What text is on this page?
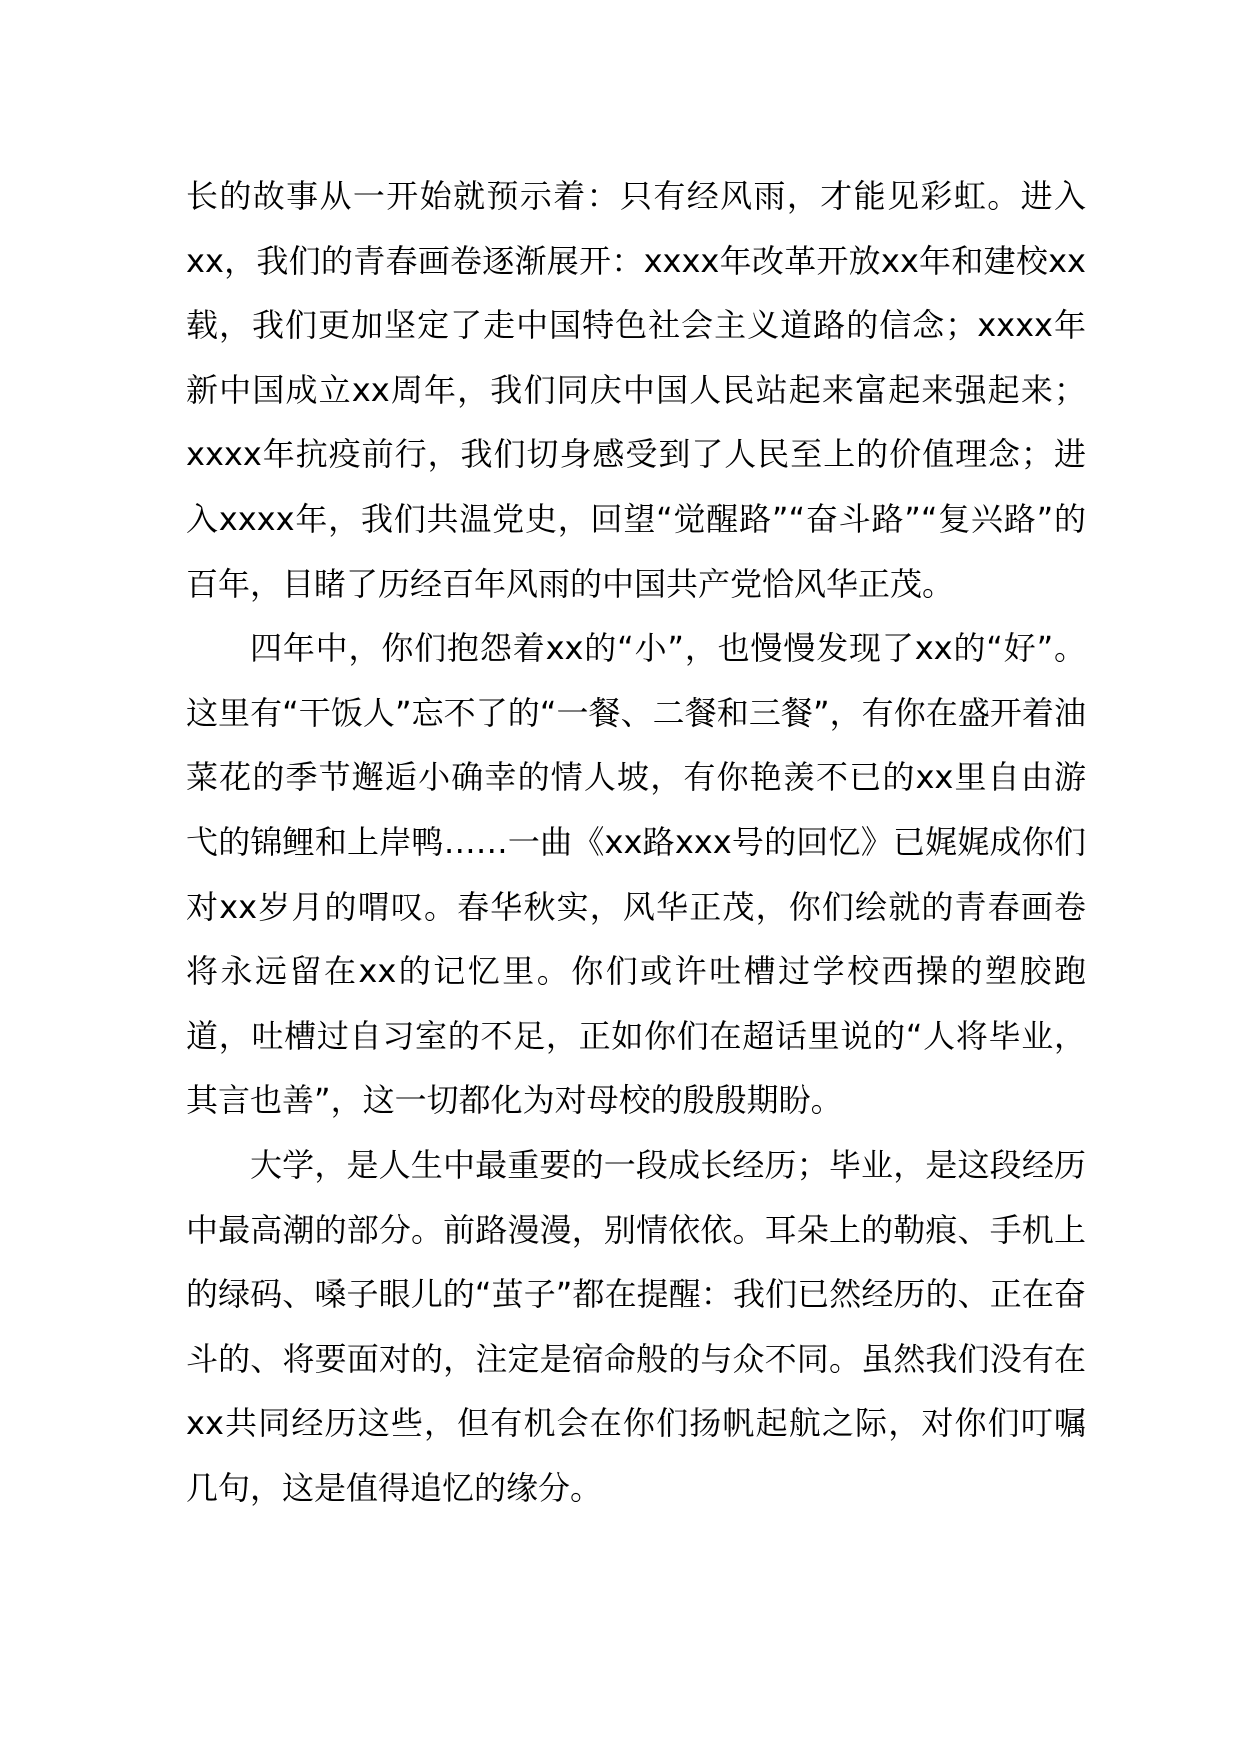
长的故事从一开始就预示着：只有经风雨，才能见彩虹。进入xx，我们的青春画卷逐渐展开：xxxx年改革开放xx年和建校xx载，我们更加坚定了走中国特色社会主义道路的信念；xxxx年新中国成立xx周年，我们同庆中国人民站起来富起来强起来；xxxx年抗疫前行，我们切身感受到了人民至上的价值理念；进入xxxx年，我们共温党史，回望“觉醒路”“奋斗路”“复兴路”的百年，目睹了历经百年风雨的中国共产党恰风华正茂。

四年中，你们抱怨着xx的“小”，也慢慢发现了xx的“好”。这里有“干饭人”忘不了的“一餐、二餐和三餐”，有你在盛开着油菜花的季节邂逅小确幸的情人坡，有你艳羡不已的xx里自由游弋的锦鲤和上岸鸭……一曲《xx路xxx号的回忆》已娓娓成你们对xx岁月的喟叹。春华秋实，风华正茂，你们绘就的青春画卷将永远留在xx的记忆里。你们或许吐槽过学校西操的塑胶跑道，吐槽过自习室的不足，正如你们在超话里说的“人将毕业，其言也善”，这一切都化为对母校的殷殷期盼。

大学，是人生中最重要的一段成长经历；毕业，是这段经历中最高潮的部分。前路漫漫，别情依依。耳朵上的勒痕、手机上的绿码、嗓子眼儿的“茧子”都在提醒：我们已然经历的、正在奋斗的、将要面对的，注定是宿命般的与众不同。虽然我们没有在xx共同经历这些，但有机会在你们扬帆起航之际，对你们叮嘱几句，这是值得追忆的缘分。
